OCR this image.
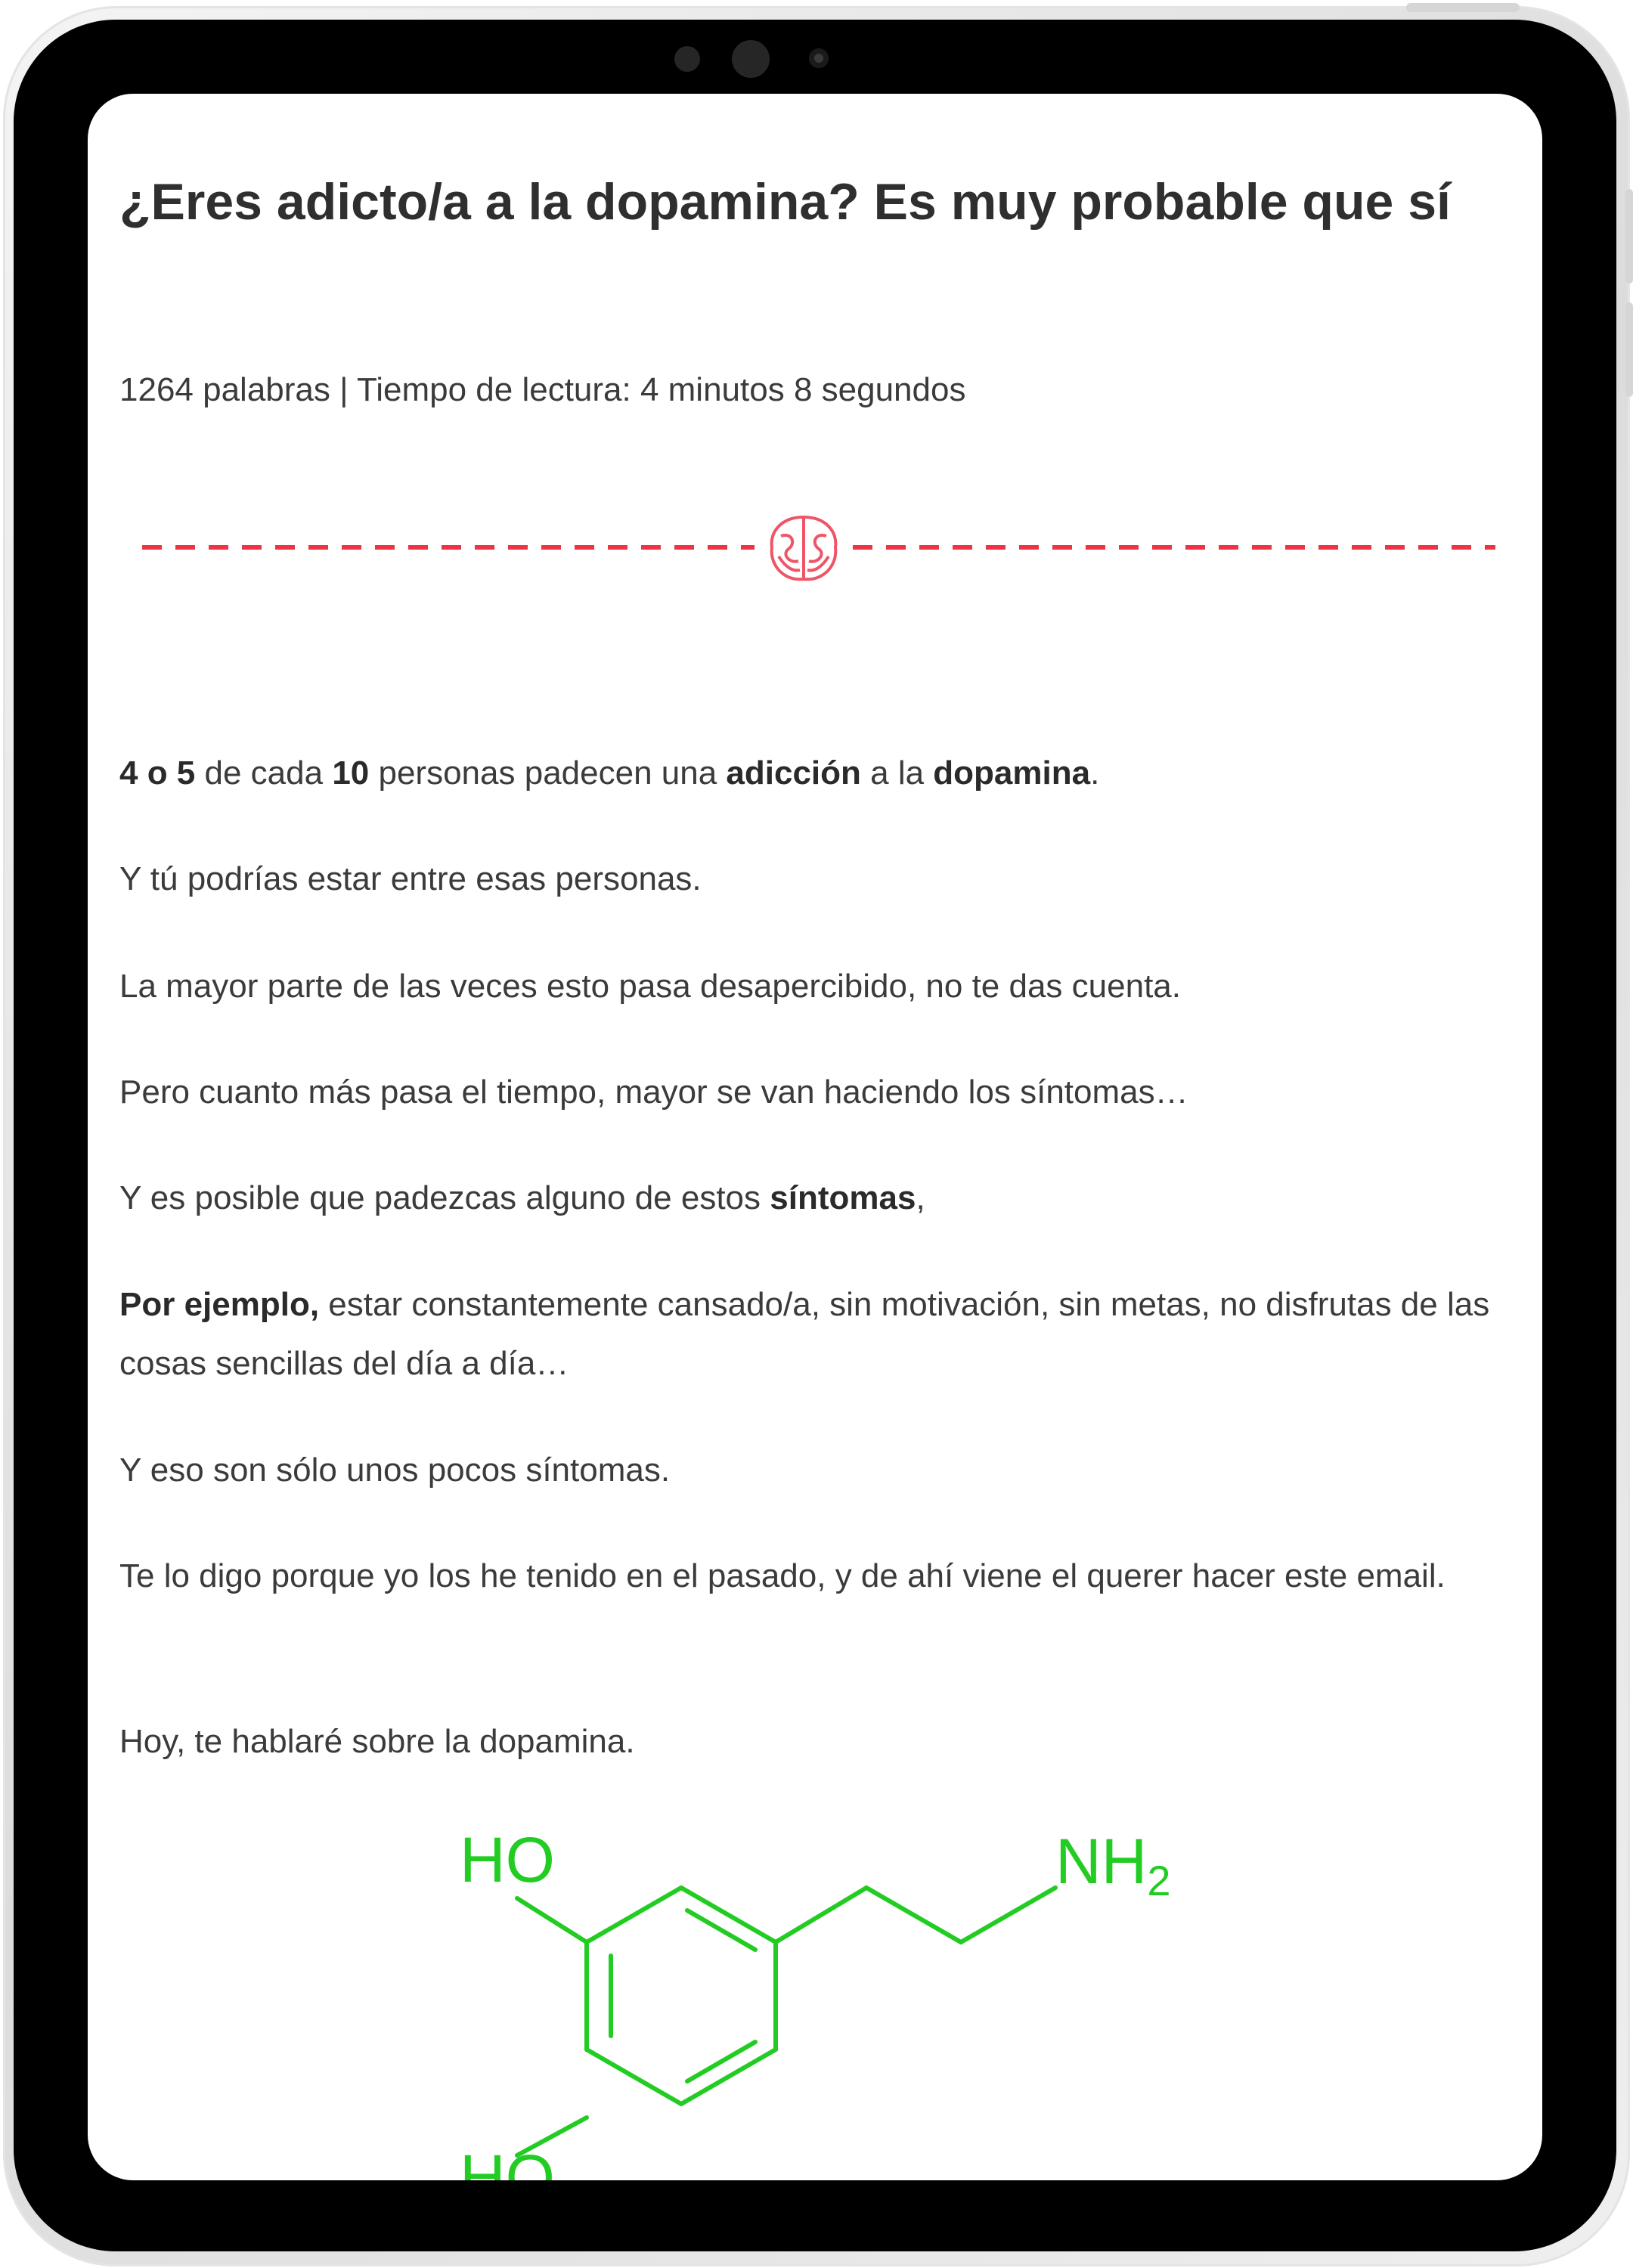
¿Eres adicto/a a la dopamina? Es muy probable que sí
1264 palabras | Tiempo de lectura: 4 minutos 8 segundos

4 o 5 de cada 10 personas padecen una adicción a la dopamina.

Y tú podrías estar entre esas personas.

La mayor parte de las veces esto pasa desapercibido, no te das cuenta.

Pero cuanto más pasa el tiempo, mayor se van haciendo los síntomas…

Y es posible que padezcas alguno de estos síntomas,

Por ejemplo, estar constantemente cansado/a, sin motivación, sin metas, no disfrutas de las cosas sencillas del día a día…

Y eso son sólo unos pocos síntomas.

Te lo digo porque yo los he tenido en el pasado, y de ahí viene el querer hacer este email.

Hoy, te hablaré sobre la dopamina.

HO
HO
NH2
